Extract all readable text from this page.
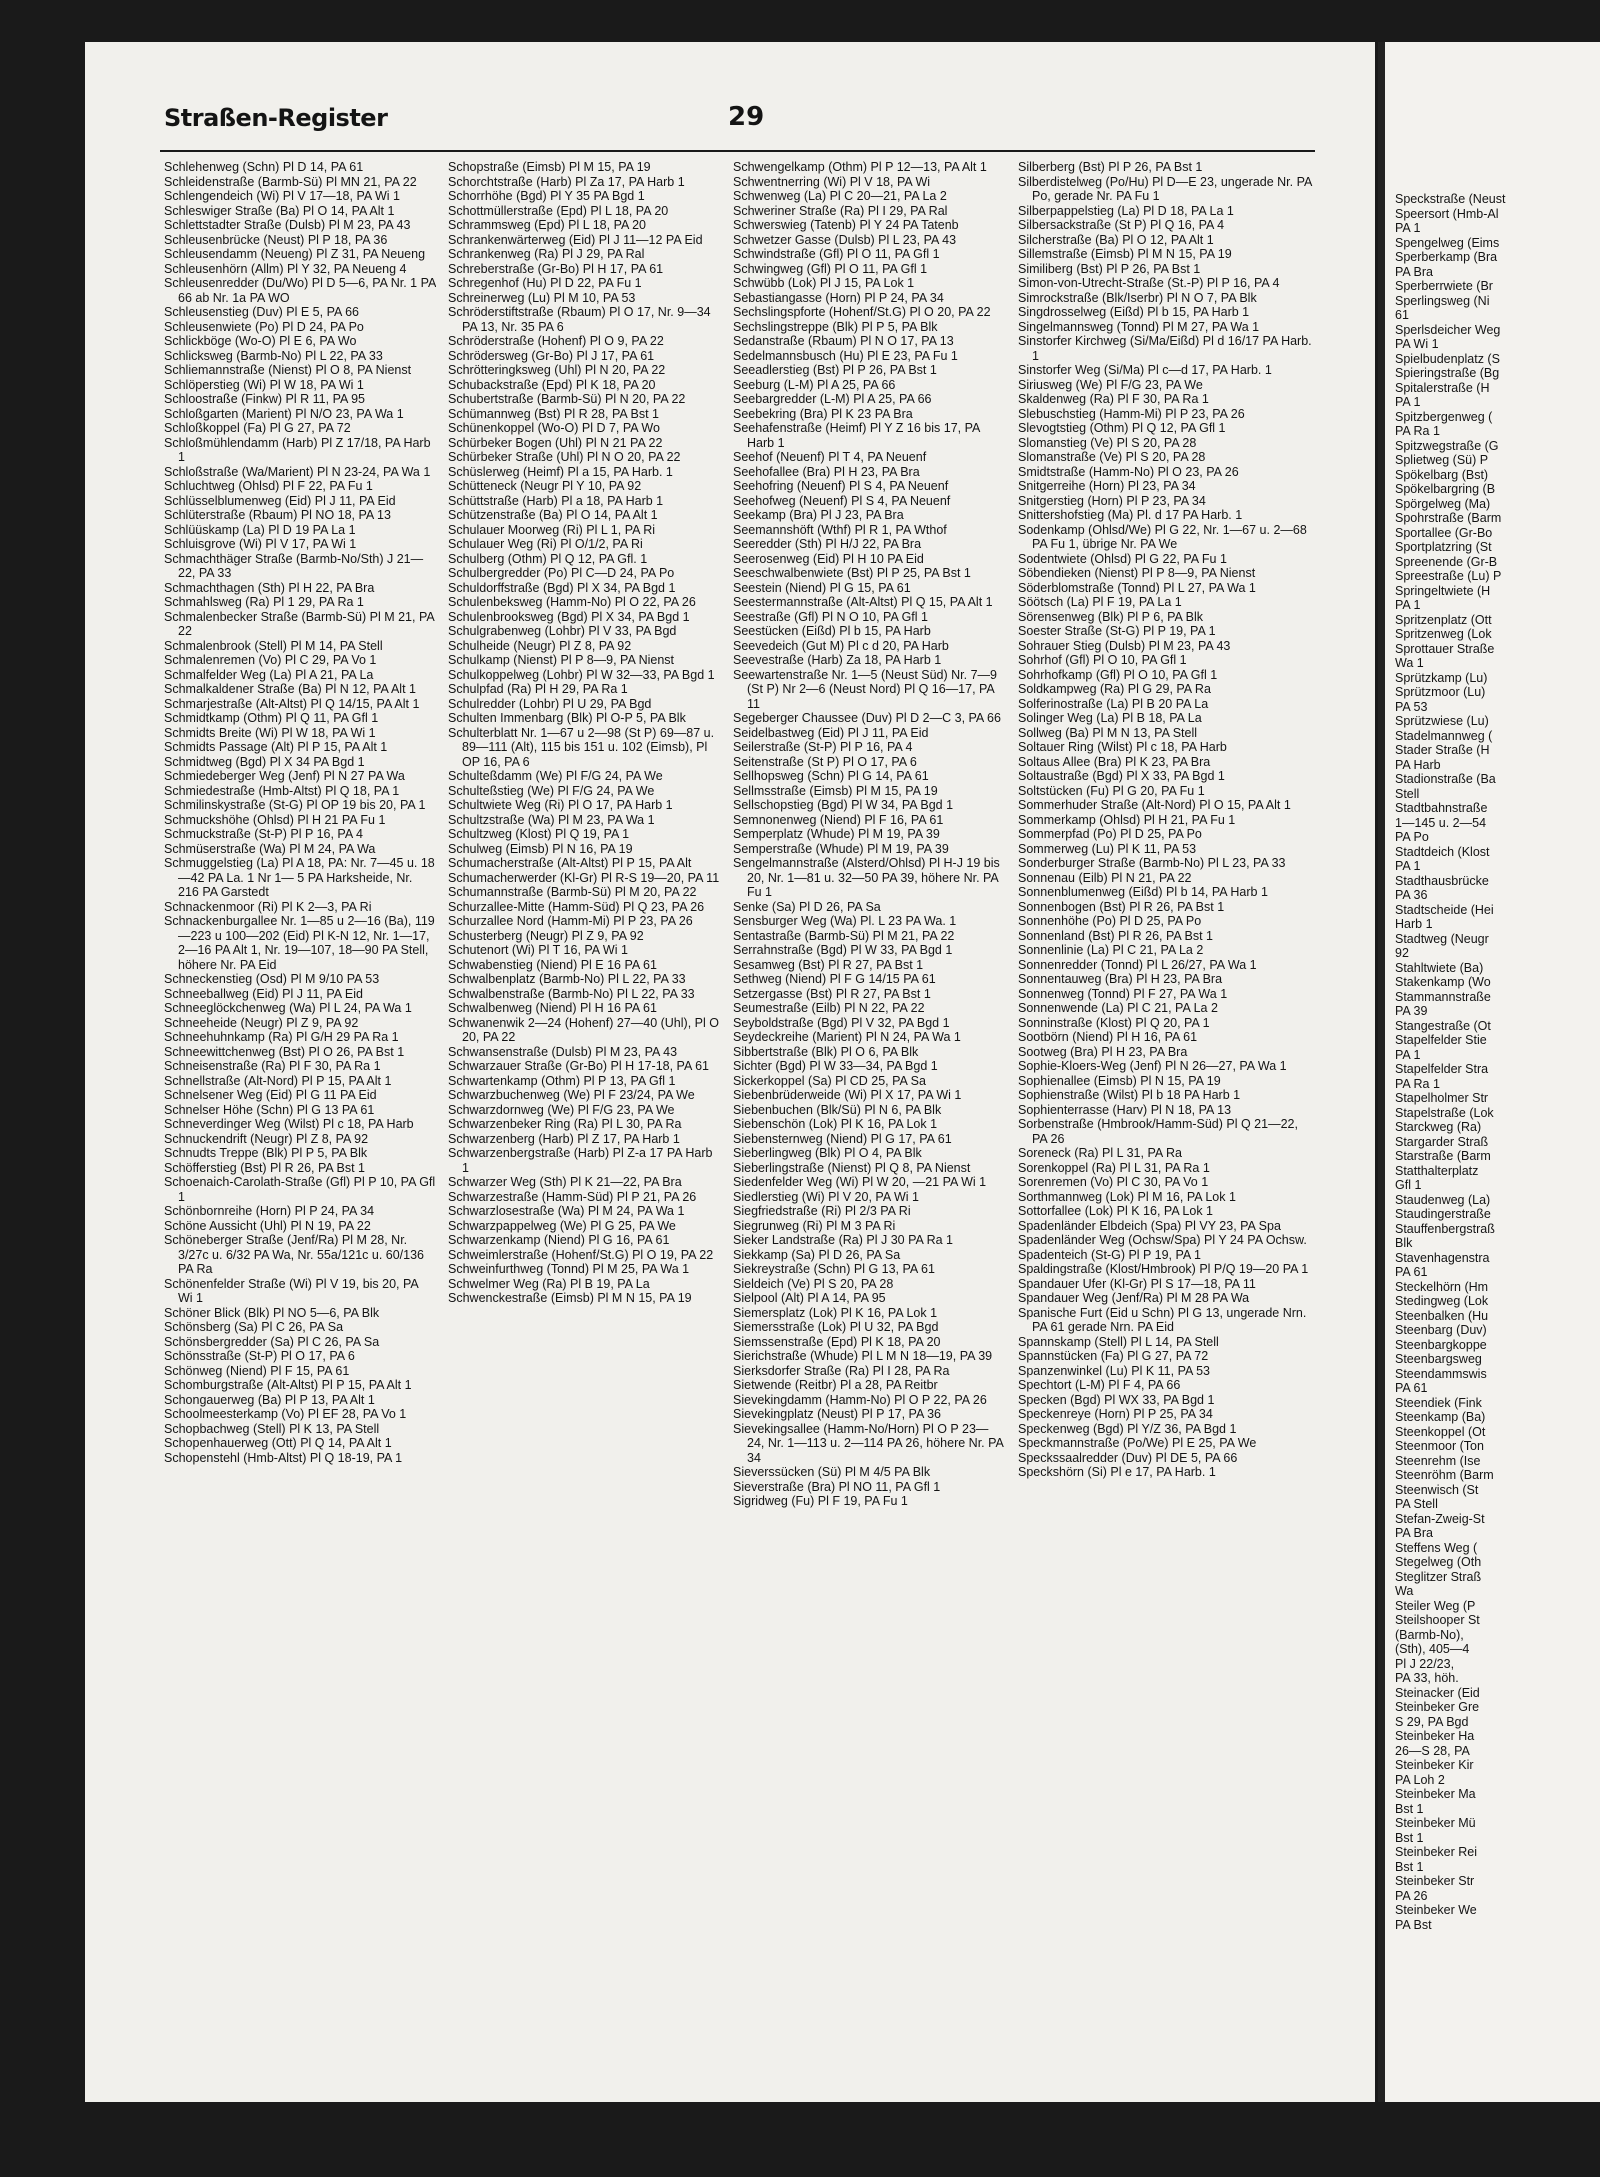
Speckstraße (Neust

Speersort (Hmb-Al

PA 1

Spengelweg (Eims

Sperberkamp (Bra

PA Bra

Sperberrwiete (Br

Sperlingsweg (Ni

61

Sperlsdeicher Weg

PA Wi 1

Spielbudenplatz (S

Spieringstraße (Bg

Spitalerstraße (H

PA 1

Spitzbergenweg (

PA Ra 1

Spitzwegstraße (G

Splietweg (Sü) P

Spökelbarg (Bst)

Spökelbargring (B

Spörgelweg (Ma)

Spohrstraße (Barm

Sportallee (Gr-Bo

Sportplatzring (St

Spreenende (Gr-B

Spreestraße (Lu) P

Springeltwiete (H

PA 1

Spritzenplatz (Ott

Spritzenweg (Lok

Sprottauer Straße

Wa 1

Sprützkamp (Lu)

Sprützmoor (Lu)

PA 53

Sprützwiese (Lu)

Stadelmannweg (

Stader Straße (H

PA Harb

Stadionstraße (Ba

Stell

Stadtbahnstraße

1—145 u. 2—54

PA Po

Stadtdeich (Klost

PA 1

Stadthausbrücke

PA 36

Stadtscheide (Hei

Harb 1

Stadtweg (Neugr

92

Stahltwiete (Ba)

Stakenkamp (Wo

Stammannstraße

PA 39

Stangestraße (Ot

Stapelfelder Stie

PA 1

Stapelfelder Stra

PA Ra 1

Stapelholmer Str

Stapelstraße (Lok

Starckweg (Ra)

Stargarder Straß

Starstraße (Barm

Statthalterplatz

Gfl 1

Staudenweg (La)

Staudingerstraße

Stauffenbergstraß

Blk

Stavenhagenstra

PA 61

Steckelhörn (Hm

Stedingweg (Lok

Steenbalken (Hu

Steenbarg (Duv)

Steenbargkoppe

Steenbargsweg

Steendammswis

PA 61

Steendiek (Fink

Steenkamp (Ba)

Steenkoppel (Ot

Steenmoor (Ton

Steenrehm (Ise

Steenröhm (Barm

Steenwisch (St

PA Stell

Stefan-Zweig-St

PA Bra

Steffens Weg (

Stegelweg (Oth

Steglitzer Straß

Wa

Steiler Weg (P

Steilshooper St

(Barmb-No),

(Sth), 405—4

Pl J 22/23,

PA 33, höh.

Steinacker (Eid

Steinbeker Gre

S 29, PA Bgd

Steinbeker Ha

26—S 28, PA

Steinbeker Kir

PA Loh 2

Steinbeker Ma

Bst 1

Steinbeker Mü

Bst 1

Steinbeker Rei

Bst 1

Steinbeker Str

PA 26

Steinbeker We

PA Bst

Straßen-Register	29

Schlehenweg (Schn) Pl D 14, PA 61

Schleidenstraße (Barmb-Sü) Pl MN 21, PA 22

Schlengendeich (Wi) Pl V 17—18, PA Wi 1

Schleswiger Straße (Ba) Pl O 14, PA Alt 1

Schlettstadter Straße (Dulsb) Pl M 23, PA 43

Schleusenbrücke (Neust) Pl P 18, PA 36

Schleusendamm (Neueng) Pl Z 31, PA Neueng

Schleusenhörn (Allm) Pl Y 32, PA Neueng 4

Schleusenredder (Du/Wo) Pl D 5—6, PA Nr. 1 PA 66 ab Nr. 1a PA WO

Schleusenstieg (Duv) Pl E 5, PA 66

Schleusenwiete (Po) Pl D 24, PA Po

Schlickböge (Wo-O) Pl E 6, PA Wo

Schlicksweg (Barmb-No) Pl L 22, PA 33

Schliemannstraße (Nienst) Pl O 8, PA Nienst

Schlöperstieg (Wi) Pl W 18, PA Wi 1

Schloostraße (Finkw) Pl R 11, PA 95

Schloßgarten (Marient) Pl N/O 23, PA Wa 1

Schloßkoppel (Fa) Pl G 27, PA 72

Schloßmühlendamm (Harb) Pl Z 17/18, PA Harb 1

Schloßstraße (Wa/Marient) Pl N 23-24, PA Wa 1

Schluchtweg (Ohlsd) Pl F 22, PA Fu 1

Schlüsselblumenweg (Eid) Pl J 11, PA Eid

Schlüterstraße (Rbaum) Pl NO 18, PA 13

Schlüüskamp (La) Pl D 19 PA La 1

Schluisgrove (Wi) Pl V 17, PA Wi 1

Schmachthäger Straße (Barmb-No/Sth) J 21—22, PA 33

Schmachthagen (Sth) Pl H 22, PA Bra

Schmahlsweg (Ra) Pl 1 29, PA Ra 1

Schmalenbecker Straße (Barmb-Sü) Pl M 21, PA 22

Schmalenbrook (Stell) Pl M 14, PA Stell

Schmalenremen (Vo) Pl C 29, PA Vo 1

Schmalfelder Weg (La) Pl A 21, PA La

Schmalkaldener Straße (Ba) Pl N 12, PA Alt 1

Schmarjestraße (Alt-Altst) Pl Q 14/15, PA Alt 1

Schmidtkamp (Othm) Pl Q 11, PA Gfl 1

Schmidts Breite (Wi) Pl W 18, PA Wi 1

Schmidts Passage (Alt) Pl P 15, PA Alt 1

Schmidtweg (Bgd) Pl X 34 PA Bgd 1

Schmiedeberger Weg (Jenf) Pl N 27 PA Wa

Schmiedestraße (Hmb-Altst) Pl Q 18, PA 1

Schmilinskystraße (St-G) Pl OP 19 bis 20, PA 1

Schmuckshöhe (Ohlsd) Pl H 21 PA Fu 1

Schmuckstraße (St-P) Pl P 16, PA 4

Schmüserstraße (Wa) Pl M 24, PA Wa

Schmuggelstieg (La) Pl A 18, PA: Nr. 7—45 u. 18—42 PA La. 1 Nr 1— 5 PA Harksheide, Nr. 216 PA Garstedt

Schnackenmoor (Ri) Pl K 2—3, PA Ri

Schnackenburgallee Nr. 1—85 u 2—16 (Ba), 119—223 u 100—202 (Eid) Pl K-N 12, Nr. 1—17, 2—16 PA Alt 1, Nr. 19—107, 18—90 PA Stell, höhere Nr. PA Eid

Schneckenstieg (Osd) Pl M 9/10 PA 53

Schneeballweg (Eid) Pl J 11, PA Eid

Schneeglöckchenweg (Wa) Pl L 24, PA Wa 1

Schneeheide (Neugr) Pl Z 9, PA 92

Schneehuhnkamp (Ra) Pl G/H 29 PA Ra 1

Schneewittchenweg (Bst) Pl O 26, PA Bst 1

Schneisenstraße (Ra) Pl F 30, PA Ra 1

Schnellstraße (Alt-Nord) Pl P 15, PA Alt 1

Schnelsener Weg (Eid) Pl G 11 PA Eid

Schnelser Höhe (Schn) Pl G 13 PA 61

Schneverdinger Weg (Wilst) Pl c 18, PA Harb

Schnuckendrift (Neugr) Pl Z 8, PA 92

Schnudts Treppe (Blk) Pl P 5, PA Blk

Schöfferstieg (Bst) Pl R 26, PA Bst 1

Schoenaich-Carolath-Straße (Gfl) Pl P 10, PA Gfl 1

Schönbornreihe (Horn) Pl P 24, PA 34

Schöne Aussicht (Uhl) Pl N 19, PA 22

Schöneberger Straße (Jenf/Ra) Pl M 28, Nr. 3/27c u. 6/32 PA Wa, Nr. 55a/121c u. 60/136 PA Ra

Schönenfelder Straße (Wi) Pl V 19, bis 20, PA Wi 1

Schöner Blick (Blk) Pl NO 5—6, PA Blk

Schönsberg (Sa) Pl C 26, PA Sa

Schönsbergredder (Sa) Pl C 26, PA Sa

Schönsstraße (St-P) Pl O 17, PA 6

Schönweg (Niend) Pl F 15, PA 61

Schomburgstraße (Alt-Altst) Pl P 15, PA Alt 1

Schongauerweg (Ba) Pl P 13, PA Alt 1

Schoolmeesterkamp (Vo) Pl EF 28, PA Vo 1

Schopbachweg (Stell) Pl K 13, PA Stell

Schopenhauerweg (Ott) Pl Q 14, PA Alt 1

Schopenstehl (Hmb-Altst) Pl Q 18-19, PA 1

Schopstraße (Eimsb) Pl M 15, PA 19

Schorchtstraße (Harb) Pl Za 17, PA Harb 1

Schorrhöhe (Bgd) Pl Y 35 PA Bgd 1

Schottmüllerstraße (Epd) Pl L 18, PA 20

Schrammsweg (Epd) Pl L 18, PA 20

Schrankenwärterweg (Eid) Pl J 11—12 PA Eid

Schrankenweg (Ra) Pl J 29, PA Ral

Schreberstraße (Gr-Bo) Pl H 17, PA 61

Schregenhof (Hu) Pl D 22, PA Fu 1

Schreinerweg (Lu) Pl M 10, PA 53

Schröderstiftstraße (Rbaum) Pl O 17, Nr. 9—34 PA 13, Nr. 35 PA 6

Schröderstraße (Hohenf) Pl O 9, PA 22

Schrödersweg (Gr-Bo) Pl J 17, PA 61

Schrötteringksweg (Uhl) Pl N 20, PA 22

Schubackstraße (Epd) Pl K 18, PA 20

Schubertstraße (Barmb-Sü) Pl N 20, PA 22

Schümannweg (Bst) Pl R 28, PA Bst 1

Schünenkoppel (Wo-O) Pl D 7, PA Wo

Schürbeker Bogen (Uhl) Pl N 21 PA 22

Schürbeker Straße (Uhl) Pl N O 20, PA 22

Schüslerweg (Heimf) Pl a 15, PA Harb. 1

Schütteneck (Neugr Pl Y 10, PA 92

Schüttstraße (Harb) Pl a 18, PA Harb 1

Schützenstraße (Ba) Pl O 14, PA Alt 1

Schulauer Moorweg (Ri) Pl L 1, PA Ri

Schulauer Weg (Ri) Pl O/1/2, PA Ri

Schulberg (Othm) Pl Q 12, PA Gfl. 1

Schulbergredder (Po) Pl C—D 24, PA Po

Schuldorffstraße (Bgd) Pl X 34, PA Bgd 1

Schulenbeksweg (Hamm-No) Pl O 22, PA 26

Schulenbrooksweg (Bgd) Pl X 34, PA Bgd 1

Schulgrabenweg (Lohbr) Pl V 33, PA Bgd

Schulheide (Neugr) Pl Z 8, PA 92

Schulkamp (Nienst) Pl P 8—9, PA Nienst

Schulkoppelweg (Lohbr) Pl W 32—33, PA Bgd 1

Schulpfad (Ra) Pl H 29, PA Ra 1

Schulredder (Lohbr) Pl U 29, PA Bgd

Schulten Immenbarg (Blk) Pl O-P 5, PA Blk

Schulterblatt Nr. 1—67 u 2—98 (St P) 69—87 u. 89—111 (Alt), 115 bis 151 u. 102 (Eimsb), Pl OP 16, PA 6

Schulteßdamm (We) Pl F/G 24, PA We

Schulteßstieg (We) Pl F/G 24, PA We

Schultwiete Weg (Ri) Pl O 17, PA Harb 1

Schultzstraße (Wa) Pl M 23, PA Wa 1

Schultzweg (Klost) Pl Q 19, PA 1

Schulweg (Eimsb) Pl N 16, PA 19

Schumacherstraße (Alt-Altst) Pl P 15, PA Alt

Schumacherwerder (Kl-Gr) Pl R-S 19—20, PA 11

Schumannstraße (Barmb-Sü) Pl M 20, PA 22

Schurzallee-Mitte (Hamm-Süd) Pl Q 23, PA 26

Schurzallee Nord (Hamm-Mi) Pl P 23, PA 26

Schusterberg (Neugr) Pl Z 9, PA 92

Schutenort (Wi) Pl T 16, PA Wi 1

Schwabenstieg (Niend) Pl E 16 PA 61

Schwalbenplatz (Barmb-No) Pl L 22, PA 33

Schwalbenstraße (Barmb-No) Pl L 22, PA 33

Schwalbenweg (Niend) Pl H 16 PA 61

Schwanenwik 2—24 (Hohenf) 27—40 (Uhl), Pl O 20, PA 22

Schwansenstraße (Dulsb) Pl M 23, PA 43

Schwarzauer Straße (Gr-Bo) Pl H 17-18, PA 61

Schwartenkamp (Othm) Pl P 13, PA Gfl 1

Schwarzbuchenweg (We) Pl F 23/24, PA We

Schwarzdornweg (We) Pl F/G 23, PA We

Schwarzenbeker Ring (Ra) Pl L 30, PA Ra

Schwarzenberg (Harb) Pl Z 17, PA Harb 1

Schwarzenbergstraße (Harb) Pl Z-a 17 PA Harb 1

Schwarzer Weg (Sth) Pl K 21—22, PA Bra

Schwarzestraße (Hamm-Süd) Pl P 21, PA 26

Schwarzlosestraße (Wa) Pl M 24, PA Wa 1

Schwarzpappelweg (We) Pl G 25, PA We

Schwarzenkamp (Niend) Pl G 16, PA 61

Schweimlerstraße (Hohenf/St.G) Pl O 19, PA 22

Schweinfurthweg (Tonnd) Pl M 25, PA Wa 1

Schwelmer Weg (Ra) Pl B 19, PA La

Schwenckestraße (Eimsb) Pl M N 15, PA 19

Schwengelkamp (Othm) Pl P 12—13, PA Alt 1

Schwentnerring (Wi) Pl V 18, PA Wi

Schwenweg (La) Pl C 20—21, PA La 2

Schweriner Straße (Ra) Pl I 29, PA Ral

Schwerswieg (Tatenb) Pl Y 24 PA Tatenb

Schwetzer Gasse (Dulsb) Pl L 23, PA 43

Schwindstraße (Gfl) Pl O 11, PA Gfl 1

Schwingweg (Gfl) Pl O 11, PA Gfl 1

Schwübb (Lok) Pl J 15, PA Lok 1

Sebastiangasse (Horn) Pl P 24, PA 34

Sechslingspforte (Hohenf/St.G) Pl O 20, PA 22

Sechslingstreppe (Blk) Pl P 5, PA Blk

Sedanstraße (Rbaum) Pl N O 17, PA 13

Sedelmannsbusch (Hu) Pl E 23, PA Fu 1

Seeadlerstieg (Bst) Pl P 26, PA Bst 1

Seeburg (L-M) Pl A 25, PA 66

Seebargredder (L-M) Pl A 25, PA 66

Seebekring (Bra) Pl K 23 PA Bra

Seehafenstraße (Heimf) Pl Y Z 16 bis 17, PA Harb 1

Seehof (Neuenf) Pl T 4, PA Neuenf

Seehofallee (Bra) Pl H 23, PA Bra

Seehofring (Neuenf) Pl S 4, PA Neuenf

Seehofweg (Neuenf) Pl S 4, PA Neuenf

Seekamp (Bra) Pl J 23, PA Bra

Seemannshöft (Wthf) Pl R 1, PA Wthof

Seeredder (Sth) Pl H/J 22, PA Bra

Seerosenweg (Eid) Pl H 10 PA Eid

Seeschwalbenwiete (Bst) Pl P 25, PA Bst 1

Seestein (Niend) Pl G 15, PA 61

Seestermannstraße (Alt-Altst) Pl Q 15, PA Alt 1

Seestraße (Gfl) Pl N O 10, PA Gfl 1

Seestücken (Eißd) Pl b 15, PA Harb

Seevedeich (Gut M) Pl c d 20, PA Harb

Seevestraße (Harb) Za 18, PA Harb 1

Seewartenstraße Nr. 1—5 (Neust Süd) Nr. 7—9 (St P) Nr 2—6 (Neust Nord) Pl Q 16—17, PA 11

Segeberger Chaussee (Duv) Pl D 2—C 3, PA 66

Seidelbastweg (Eid) Pl J 11, PA Eid

Seilerstraße (St-P) Pl P 16, PA 4

Seitenstraße (St P) Pl O 17, PA 6

Sellhopsweg (Schn) Pl G 14, PA 61

Sellmsstraße (Eimsb) Pl M 15, PA 19

Sellschopstieg (Bgd) Pl W 34, PA Bgd 1

Semnonenweg (Niend) Pl F 16, PA 61

Semperplatz (Whude) Pl M 19, PA 39

Semperstraße (Whude) Pl M 19, PA 39

Sengelmannstraße (Alsterd/Ohlsd) Pl H-J 19 bis 20, Nr. 1—81 u. 32—50 PA 39, höhere Nr. PA Fu 1

Senke (Sa) Pl D 26, PA Sa

Sensburger Weg (Wa) Pl. L 23 PA Wa. 1

Sentastraße (Barmb-Sü) Pl M 21, PA 22

Serrahnstraße (Bgd) Pl W 33, PA Bgd 1

Sesamweg (Bst) Pl R 27, PA Bst 1

Sethweg (Niend) Pl F G 14/15 PA 61

Setzergasse (Bst) Pl R 27, PA Bst 1

Seumestraße (Eilb) Pl N 22, PA 22

Seyboldstraße (Bgd) Pl V 32, PA Bgd 1

Seydeckreihe (Marient) Pl N 24, PA Wa 1

Sibbertstraße (Blk) Pl O 6, PA Blk

Sichter (Bgd) Pl W 33—34, PA Bgd 1

Sickerkoppel (Sa) Pl CD 25, PA Sa

Siebenbrüderweide (Wi) Pl X 17, PA Wi 1

Siebenbuchen (Blk/Sü) Pl N 6, PA Blk

Siebenschön (Lok) Pl K 16, PA Lok 1

Siebensternweg (Niend) Pl G 17, PA 61

Sieberlingweg (Blk) Pl O 4, PA Blk

Sieberlingstraße (Nienst) Pl Q 8, PA Nienst

Siedenfelder Weg (Wi) Pl W 20, —21 PA Wi 1

Siedlerstieg (Wi) Pl V 20, PA Wi 1

Siegfriedstraße (Ri) Pl 2/3 PA Ri

Siegrunweg (Ri) Pl M 3 PA Ri

Sieker Landstraße (Ra) Pl J 30 PA Ra 1

Siekkamp (Sa) Pl D 26, PA Sa

Siekreystraße (Schn) Pl G 13, PA 61

Sieldeich (Ve) Pl S 20, PA 28

Sielpool (Alt) Pl A 14, PA 95

Siemersplatz (Lok) Pl K 16, PA Lok 1

Siemersstraße (Lok) Pl U 32, PA Bgd

Siemssenstraße (Epd) Pl K 18, PA 20

Sierichstraße (Whude) Pl L M N 18—19, PA 39

Sierksdorfer Straße (Ra) Pl I 28, PA Ra

Sietwende (Reitbr) Pl a 28, PA Reitbr

Sievekingdamm (Hamm-No) Pl O P 22, PA 26

Sievekingplatz (Neust) Pl P 17, PA 36

Sievekingsallee (Hamm-No/Horn) Pl O P 23—24, Nr. 1—113 u. 2—114 PA 26, höhere Nr. PA 34

Sieverssücken (Sü) Pl M 4/5 PA Blk

Sieverstraße (Bra) Pl NO 11, PA Gfl 1

Sigridweg (Fu) Pl F 19, PA Fu 1

Silberberg (Bst) Pl P 26, PA Bst 1

Silberdistelweg (Po/Hu) Pl D—E 23, ungerade Nr. PA Po, gerade Nr. PA Fu 1

Silberpappelstieg (La) Pl D 18, PA La 1

Silbersackstraße (St P) Pl Q 16, PA 4

Silcherstraße (Ba) Pl O 12, PA Alt 1

Sillemstraße (Eimsb) Pl M N 15, PA 19

Similiberg (Bst) Pl P 26, PA Bst 1

Simon-von-Utrecht-Straße (St.-P) Pl P 16, PA 4

Simrockstraße (Blk/Iserbr) Pl N O 7, PA Blk

Singdrosselweg (Eißd) Pl b 15, PA Harb 1

Singelmannsweg (Tonnd) Pl M 27, PA Wa 1

Sinstorfer Kirchweg (Si/Ma/Eißd) Pl d 16/17 PA Harb. 1

Sinstorfer Weg (Si/Ma) Pl c—d 17, PA Harb. 1

Siriusweg (We) Pl F/G 23, PA We

Skaldenweg (Ra) Pl F 30, PA Ra 1

Slebuschstieg (Hamm-Mi) Pl P 23, PA 26

Slevogtstieg (Othm) Pl Q 12, PA Gfl 1

Slomanstieg (Ve) Pl S 20, PA 28

Slomanstraße (Ve) Pl S 20, PA 28

Smidtstraße (Hamm-No) Pl O 23, PA 26

Snitgerreihe (Horn) Pl 23, PA 34

Snitgerstieg (Horn) Pl P 23, PA 34

Snittershofstieg (Ma) Pl. d 17 PA Harb. 1

Sodenkamp (Ohlsd/We) Pl G 22, Nr. 1—67 u. 2—68 PA Fu 1, übrige Nr. PA We

Sodentwiete (Ohlsd) Pl G 22, PA Fu 1

Söbendieken (Nienst) Pl P 8—9, PA Nienst

Söderblomstraße (Tonnd) Pl L 27, PA Wa 1

Söötsch (La) Pl F 19, PA La 1

Sörensenweg (Blk) Pl P 6, PA Blk

Soester Straße (St-G) Pl P 19, PA 1

Sohrauer Stieg (Dulsb) Pl M 23, PA 43

Sohrhof (Gfl) Pl O 10, PA Gfl 1

Sohrhofkamp (Gfl) Pl O 10, PA Gfl 1

Soldkampweg (Ra) Pl G 29, PA Ra

Solferinostraße (La) Pl B 20 PA La

Solinger Weg (La) Pl B 18, PA La

Sollweg (Ba) Pl M N 13, PA Stell

Soltauer Ring (Wilst) Pl c 18, PA Harb

Soltaus Allee (Bra) Pl K 23, PA Bra

Soltaustraße (Bgd) Pl X 33, PA Bgd 1

Soltstücken (Fu) Pl G 20, PA Fu 1

Sommerhuder Straße (Alt-Nord) Pl O 15, PA Alt 1

Sommerkamp (Ohlsd) Pl H 21, PA Fu 1

Sommerpfad (Po) Pl D 25, PA Po

Sommerweg (Lu) Pl K 11, PA 53

Sonderburger Straße (Barmb-No) Pl L 23, PA 33

Sonnenau (Eilb) Pl N 21, PA 22

Sonnenblumenweg (Eißd) Pl b 14, PA Harb 1

Sonnenbogen (Bst) Pl R 26, PA Bst 1

Sonnenhöhe (Po) Pl D 25, PA Po

Sonnenland (Bst) Pl R 26, PA Bst 1

Sonnenlinie (La) Pl C 21, PA La 2

Sonnenredder (Tonnd) Pl L 26/27, PA Wa 1

Sonnentauweg (Bra) Pl H 23, PA Bra

Sonnenweg (Tonnd) Pl F 27, PA Wa 1

Sonnenwende (La) Pl C 21, PA La 2

Sonninstraße (Klost) Pl Q 20, PA 1

Sootbörn (Niend) Pl H 16, PA 61

Sootweg (Bra) Pl H 23, PA Bra

Sophie-Kloers-Weg (Jenf) Pl N 26—27, PA Wa 1

Sophienallee (Eimsb) Pl N 15, PA 19

Sophienstraße (Wilst) Pl b 18 PA Harb 1

Sophienterrasse (Harv) Pl N 18, PA 13

Sorbenstraße (Hmbrook/Hamm-Süd) Pl Q 21—22, PA 26

Soreneck (Ra) Pl L 31, PA Ra

Sorenkoppel (Ra) Pl L 31, PA Ra 1

Sorenremen (Vo) Pl C 30, PA Vo 1

Sorthmannweg (Lok) Pl M 16, PA Lok 1

Sottorfallee (Lok) Pl K 16, PA Lok 1

Spadenländer Elbdeich (Spa) Pl VY 23, PA Spa

Spadenländer Weg (Ochsw/Spa) Pl Y 24 PA Ochsw.

Spadenteich (St-G) Pl P 19, PA 1

Spaldingstraße (Klost/Hmbrook) Pl P/Q 19—20 PA 1

Spandauer Ufer (Kl-Gr) Pl S 17—18, PA 11

Spandauer Weg (Jenf/Ra) Pl M 28 PA Wa

Spanische Furt (Eid u Schn) Pl G 13, ungerade Nrn. PA 61 gerade Nrn. PA Eid

Spannskamp (Stell) Pl L 14, PA Stell

Spannstücken (Fa) Pl G 27, PA 72

Spanzenwinkel (Lu) Pl K 11, PA 53

Spechtort (L-M) Pl F 4, PA 66

Specken (Bgd) Pl WX 33, PA Bgd 1

Speckenreye (Horn) Pl P 25, PA 34

Speckenweg (Bgd) Pl Y/Z 36, PA Bgd 1

Speckmannstraße (Po/We) Pl E 25, PA We

Speckssaalredder (Duv) Pl DE 5, PA 66

Speckshörn (Si) Pl e 17, PA Harb. 1
